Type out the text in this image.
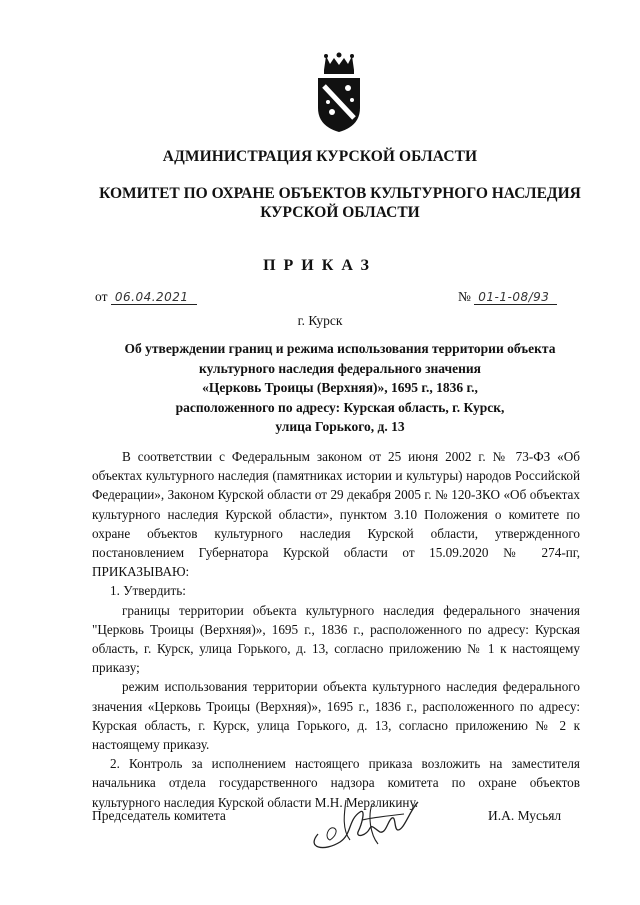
АДМИНИСТРАЦИЯ КУРСКОЙ ОБЛАСТИ
КОМИТЕТ ПО ОХРАНЕ ОБЪЕКТОВ КУЛЬТУРНОГО НАСЛЕДИЯ
КУРСКОЙ ОБЛАСТИ
ПРИКАЗ
от 06.04.2021	№ 01-1-08/93
г. Курск
Об утверждении границ и режима использования территории объекта
культурного наследия федерального значения
«Церковь Троицы (Верхняя)», 1695 г., 1836 г.,
расположенного по адресу: Курская область, г. Курск,
улица Горького, д. 13

В соответствии с Федеральным законом от 25 июня 2002 г. № 73-ФЗ «Об объектах культурного наследия (памятниках истории и культуры) народов Российской Федерации», Законом Курской области от 29 декабря 2005 г. № 120-ЗКО «Об объектах культурного наследия Курской области», пунктом 3.10 Положения о комитете по охране объектов культурного наследия Курской области, утвержденного постановлением Губернатора Курской области от 15.09.2020 № 274-пг, ПРИКАЗЫВАЮ:

1. Утвердить:

границы территории объекта культурного наследия федерального значения "Церковь Троицы (Верхняя)», 1695 г., 1836 г., расположенного по адресу: Курская область, г. Курск, улица Горького, д. 13, согласно приложению № 1 к настоящему приказу;

режим использования территории объекта культурного наследия федерального значения «Церковь Троицы (Верхняя)», 1695 г., 1836 г., расположенного по адресу: Курская область, г. Курск, улица Горького, д. 13, согласно приложению № 2 к настоящему приказу.

2. Контроль за исполнением настоящего приказа возложить на заместителя начальника отдела государственного надзора комитета по охране объектов культурного наследия Курской области М.Н. Мерзликину.

Председатель комитета	И.А. Мусьял
